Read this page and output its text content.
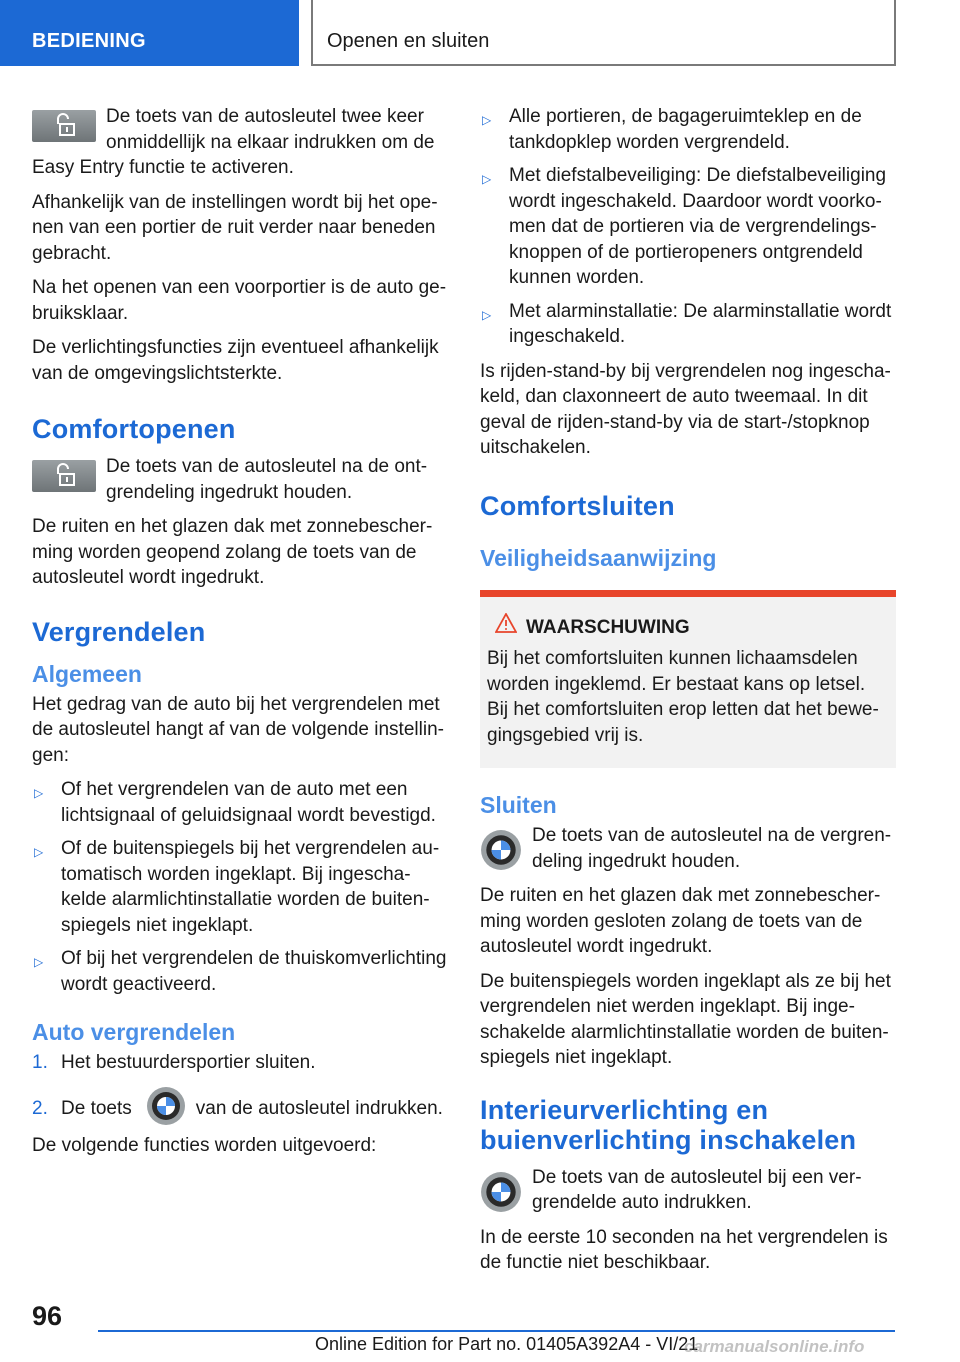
BEDIENING	Openen en sluiten

De toets van de autosleutel twee keer onmiddellijk na elkaar indrukken om de Easy Entry functie te activeren.

Afhankelijk van de instellingen wordt bij het openen van een portier de ruit verder naar beneden gebracht.

Na het openen van een voorportier is de auto gebruiksklaar.

De verlichtingsfuncties zijn eventueel afhankelijk van de omgevingslichtsterkte.

Comfortopenen

De toets van de autosleutel na de ontgrendeling ingedrukt houden.

De ruiten en het glazen dak met zonnebescherming worden geopend zolang de toets van de autosleutel wordt ingedrukt.

Vergrendelen
Algemeen

Het gedrag van de auto bij het vergrendelen met de autosleutel hangt af van de volgende instellingen:

▷ Of het vergrendelen van de auto met een lichtsignaal of geluidsignaal wordt bevestigd.
▷ Of de buitenspiegels bij het vergrendelen automatisch worden ingeklapt. Bij ingeschakelde alarmlichtinstallatie worden de buitenspiegels niet ingeklapt.
▷ Of bij het vergrendelen de thuiskomverlichting wordt geactiveerd.
Auto vergrendelen
1. Het bestuurdersportier sluiten.
2. De toets	van de autosleutel indrukken.

De volgende functies worden uitgevoerd:

▷ Alle portieren, de bagageruimteklep en de tankdopklep worden vergrendeld.
▷ Met diefstalbeveiliging: De diefstalbeveiliging wordt ingeschakeld. Daardoor wordt voorkomen dat de portieren via de vergrendelingsknoppen of de portieropeners ontgrendeld kunnen worden.
▷ Met alarminstallatie: De alarminstallatie wordt ingeschakeld.

Is rijden-stand-by bij vergrendelen nog ingeschakeld, dan claxonneert de auto tweemaal. In dit geval de rijden-stand-by via de start-/stopknop uitschakelen.

Comfortsluiten
Veiligheidsaanwijzing
WAARSCHUWING
Bij het comfortsluiten kunnen lichaamsdelen worden ingeklemd. Er bestaat kans op letsel.
Bij het comfortsluiten erop letten dat het bewegingsgebied vrij is.
Sluiten

De toets van de autosleutel na de vergrendeling ingedrukt houden.

De ruiten en het glazen dak met zonnebescherming worden gesloten zolang de toets van de autosleutel wordt ingedrukt.

De buitenspiegels worden ingeklapt als ze bij het vergrendelen niet werden ingeklapt. Bij ingeschakelde alarmlichtinstallatie worden de buitenspiegels niet ingeklapt.

Interieurverlichting en buienverlichting inschakelen

De toets van de autosleutel bij een vergrendelde auto indrukken.

In de eerste 10 seconden na het vergrendelen is de functie niet beschikbaar.

96
Online Edition for Part no. 01405A392A4 - VI/21
carmanualsonline.info
